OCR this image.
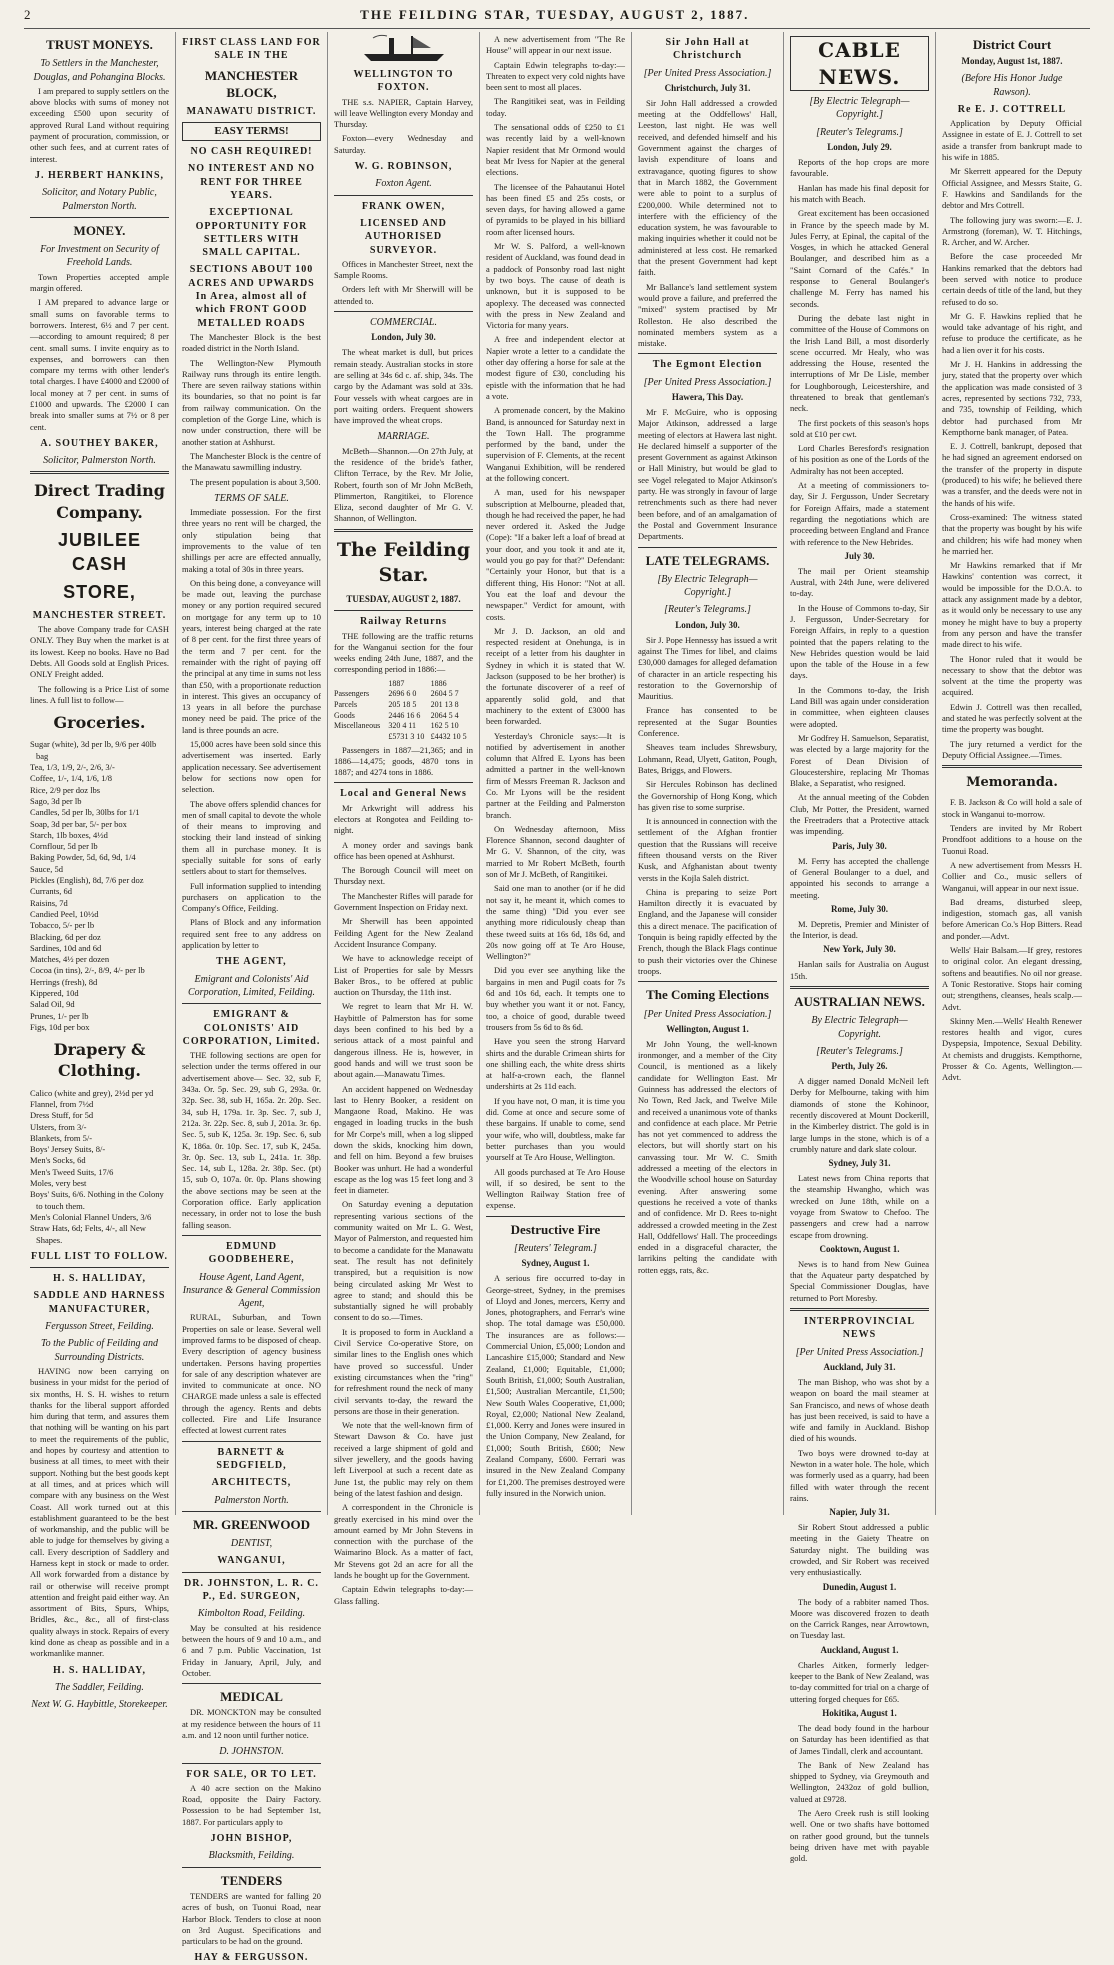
2	THE FEILDING STAR, TUESDAY, AUGUST 2, 1887.
TRUST MONEYS.
To Settlers in the Manchester, Douglas, and Pohangina Blocks.

I am prepared to supply settlers on the above blocks with sums of money not exceeding £500 upon security of approved Rural Land without requiring payment of procuration, commission, or other such fees, and at current rates of interest.

J. HERBERT HANKINS,
Solicitor, and Notary Public, Palmerston North.
MONEY.
For Investment on Security of Freehold Lands.

Town Properties accepted ample margin offered.

I AM prepared to advance large or small sums on favorable terms to borrowers. Interest, 6½ and 7 per cent.—according to amount required; 8 per cent. small sums. I invite enquiry as to expenses, and borrowers can then compare my terms with other lender's total charges. I have £4000 and £2000 of local money at 7 per cent. in sums of £1000 and upwards. The £2000 I can break into smaller sums at 7½ or 8 per cent.

A. SOUTHEY BAKER,
Solicitor, Palmerston North.
Direct Trading Company.
JUBILEE CASH
STORE,
MANCHESTER STREET.

The above Company trade for CASH ONLY. They Buy when the market is at its lowest. Keep no books. Have no Bad Debts. All Goods sold at English Prices. ONLY Freight added.

The following is a Price List of some lines. A full list to follow—

Groceries.
Sugar (white), 3d per lb, 9/6 per 40lb bag
Tea, 1/3, 1/9, 2/-, 2/6, 3/-
Coffee, 1/-, 1/4, 1/6, 1/8
Rice, 2/9 per doz lbs
Sago, 3d per lb
Candles, 5d per lb, 30lbs for 1/1
Soap, 3d per bar, 5/- per box
Starch, 1lb boxes, 4½d
Cornflour, 5d per lb
Baking Powder, 5d, 6d, 9d, 1/4
Sauce, 5d
Pickles (English), 8d, 7/6 per doz
Currants, 6d
Raisins, 7d
Candied Peel, 10½d
Tobacco, 5/- per lb
Blacking, 6d per doz
Sardines, 10d and 6d
Matches, 4½ per dozen
Cocoa (in tins), 2/-, 8/9, 4/- per lb
Herrings (fresh), 8d
Kippered, 10d
Salad Oil, 9d
Prunes, 1/- per lb
Figs, 10d per box
Drapery & Clothing.
Calico (white and grey), 2½d per yd
Flannel, from 7½d
Dress Stuff, for 5d
Ulsters, from 3/-
Blankets, from 5/-
Boys' Jersey Suits, 8/-
Men's Socks, 6d
Men's Tweed Suits, 17/6
Moles, very best
Boys' Suits, 6/6. Nothing in the Colony to touch them.
Men's Colonial Flannel Unders, 3/6
Straw Hats, 6d; Felts, 4/-, all New Shapes.
FULL LIST TO FOLLOW.
H. S. HALLIDAY,
SADDLE AND HARNESS MANUFACTURER,
Fergusson Street, Feilding.
To the Public of Feilding and Surrounding Districts.

HAVING now been carrying on business in your midst for the period of six months, H. S. H. wishes to return thanks for the liberal support afforded him during that term, and assures them that nothing will be wanting on his part to meet the requirements of the public, and hopes by courtesy and attention to business at all times, to meet with their support. Nothing but the best goods kept at all times, and at prices which will compare with any business on the West Coast. All work turned out at this establishment guaranteed to be the best of workmanship, and the public will be able to judge for themselves by giving a call. Every description of Saddlery and Harness kept in stock or made to order. All work forwarded from a distance by rail or otherwise will receive prompt attention and freight paid either way. An assortment of Bits, Spurs, Whips, Bridles, &c., &c., all of first-class quality always in stock. Repairs of every kind done as cheap as possible and in a workmanlike manner.

H. S. HALLIDAY,
The Saddler, Feilding.
Next W. G. Haybittle, Storekeeper.
FIRST CLASS LAND FOR SALE IN THE
MANCHESTER BLOCK,
MANAWATU DISTRICT.
EASY TERMS!
NO CASH REQUIRED!
NO INTEREST AND NO RENT FOR THREE YEARS.
EXCEPTIONAL OPPORTUNITY FOR SETTLERS WITH SMALL CAPITAL.
SECTIONS ABOUT 100 ACRES AND UPWARDS In Area, almost all of which FRONT GOOD METALLED ROADS

The Manchester Block is the best roaded district in the North Island.

The Wellington-New Plymouth Railway runs through its entire length. There are seven railway stations within its boundaries, so that no point is far from railway communication. On the completion of the Gorge Line, which is now under construction, there will be another station at Ashhurst.

The Manchester Block is the centre of the Manawatu sawmilling industry.

The present population is about 3,500.

TERMS OF SALE.

Immediate possession. For the first three years no rent will be charged, the only stipulation being that improvements to the value of ten shillings per acre are effected annually, making a total of 30s in three years.

On this being done, a conveyance will be made out, leaving the purchase money or any portion required secured on mortgage for any term up to 10 years, interest being charged at the rate of 8 per cent. for the first three years of the term and 7 per cent. for the remainder with the right of paying off the principal at any time in sums not less than £50, with a proportionate reduction in interest. This gives an occupancy of 13 years in all before the purchase money need be paid. The price of the land is three pounds an acre.

15,000 acres have been sold since this advertisement was inserted. Early application necessary. See advertisement below for sections now open for selection.

The above offers splendid chances for men of small capital to devote the whole of their means to improving and stocking their land instead of sinking them all in purchase money. It is specially suitable for sons of early settlers about to start for themselves.

Full information supplied to intending purchasers on application to the Company's Office, Feilding.

Plans of Block and any information required sent free to any address on application by letter to

THE AGENT,
Emigrant and Colonists' Aid Corporation, Limited, Feilding.
EMIGRANT & COLONISTS' AID CORPORATION, Limited.

THE following sections are open for selection under the terms offered in our advertisement above— Sec. 32, sub F, 343a. Or. 5p. Sec. 29, sub G, 293a. 0r. 32p. Sec. 38, sub H, 165a. 2r. 20p. Sec. 34, sub H, 179a. 1r. 3p. Sec. 7, sub J, 212a. 3r. 22p. Sec. 8, sub J, 201a. 3r. 6p. Sec. 5, sub K, 125a. 3r. 19p. Sec. 6, sub K, 186a. 0r. 10p. Sec. 17, sub K, 245a. 3r. 0p. Sec. 13, sub L, 241a. 1r. 38p. Sec. 14, sub L, 128a. 2r. 38p. Sec. (pt) 15, sub O, 107a. 0r. 0p. Plans showing the above sections may be seen at the Corporation office. Early application necessary, in order not to lose the bush falling season.

EDMUND GOODBEHERE,
House Agent, Land Agent, Insurance & General Commission Agent,

RURAL, Suburban, and Town Properties on sale or lease. Several well improved farms to be disposed of cheap. Every description of agency business undertaken. Persons having properties for sale of any description whatever are invited to communicate at once. NO CHARGE made unless a sale is effected through the agency. Rents and debts collected. Fire and Life Insurance effected at lowest current rates

BARNETT & SEDGFIELD,
ARCHITECTS,
Palmerston North.
MR. GREENWOOD
DENTIST,
WANGANUI,
DR. JOHNSTON, L. R. C. P., Ed. SURGEON,
Kimbolton Road, Feilding.

May be consulted at his residence between the hours of 9 and 10 a.m., and 6 and 7 p.m. Public Vaccination, 1st Friday in January, April, July, and October.

MEDICAL

DR. MONCKTON may be consulted at my residence between the hours of 11 a.m. and 12 noon until further notice.

D. JOHNSTON.
FOR SALE, OR TO LET.

A 40 acre section on the Makino Road, opposite the Dairy Factory. Possession to be had September 1st, 1887. For particulars apply to

JOHN BISHOP,
Blacksmith, Feilding.
TENDERS

TENDERS are wanted for falling 20 acres of bush, on Tuonui Road, near Harbor Block. Tenders to close at noon on 3rd August. Specifications and particulars to be had on the ground.

HAY & FERGUSSON.
WELLINGTON TO FOXTON.

THE s.s. NAPIER, Captain Harvey, will leave Wellington every Monday and Thursday.

Foxton—every Wednesday and Saturday.

W. G. ROBINSON,
Foxton Agent.
FRANK OWEN,
LICENSED AND AUTHORISED SURVEYOR.

Offices in Manchester Street, next the Sample Rooms.

Orders left with Mr Sherwill will be attended to.

COMMERCIAL.
London, July 30.

The wheat market is dull, but prices remain steady. Australian stocks in store are selling at 34s 6d c. af. ship, 34s. The cargo by the Adamant was sold at 33s. Four vessels with wheat cargoes are in port waiting orders. Frequent showers have improved the wheat crops.

MARRIAGE.

McBeth—Shannon.—On 27th July, at the residence of the bride's father, Clifton Terrace, by the Rev. Mr Jolie, Robert, fourth son of Mr John McBeth, Plimmerton, Rangitikei, to Florence Eliza, second daughter of Mr G. V. Shannon, of Wellington.

The Feilding Star.
TUESDAY, AUGUST 2, 1887.
Railway Returns

THE following are the traffic returns for the Wanganui section for the four weeks ending 24th June, 1887, and the corresponding period in 1886:—

	1887	1886
Passengers	2696 6 0	2604 5 7
Parcels	205 18 5	201 13 8
Goods	2446 16 6	2064 5 4
Miscellaneous	320 4 11	162 5 10
	£5731 3 10	£4432 10 5

Passengers in 1887—21,365; and in 1886—14,475; goods, 4870 tons in 1887; and 4274 tons in 1886.

Local and General News

Mr Arkwright will address his electors at Rongotea and Feilding to-night.

A money order and savings bank office has been opened at Ashhurst.

The Borough Council will meet on Thursday next.

The Manchester Rifles will parade for Government Inspection on Friday next.

Mr Sherwill has been appointed Feilding Agent for the New Zealand Accident Insurance Company.

We have to acknowledge receipt of List of Properties for sale by Messrs Baker Bros., to be offered at public auction on Thursday, the 11th inst.

We regret to learn that Mr H. W. Haybittle of Palmerston has for some days been confined to his bed by a serious attack of a most painful and dangerous illness. He is, however, in good hands and will we trust soon be about again.—Manawatu Times.

An accident happened on Wednesday last to Henry Booker, a resident on Mangaone Road, Makino. He was engaged in loading trucks in the bush for Mr Corpe's mill, when a log slipped down the skids, knocking him down, and fell on him. Beyond a few bruises Booker was unhurt. He had a wonderful escape as the log was 15 feet long and 3 feet in diameter.

On Saturday evening a deputation representing various sections of the community waited on Mr L. G. West, Mayor of Palmerston, and requested him to become a candidate for the Manawatu seat. The result has not definitely transpired, but a requisition is now being circulated asking Mr West to agree to stand; and should this be substantially signed he will probably consent to do so.—Times.

It is proposed to form in Auckland a Civil Service Co-operative Store, on similar lines to the English ones which have proved so successful. Under existing circumstances when the "ring" for refreshment round the neck of many civil servants to-day, the reward the persons are those in their generation.

We note that the well-known firm of Stewart Dawson & Co. have just received a large shipment of gold and silver jewellery, and the goods having left Liverpool at such a recent date as June 1st, the public may rely on them being of the latest fashion and design.

A correspondent in the Chronicle is greatly exercised in his mind over the amount earned by Mr John Stevens in connection with the purchase of the Waimarino Block. As a matter of fact, Mr Stevens got 2d an acre for all the lands he bought up for the Government.

Captain Edwin telegraphs to-day:—Glass falling.

A new advertisement from "The Re House" will appear in our next issue.

Captain Edwin telegraphs to-day:—Threaten to expect very cold nights have been sent to most all places.

The Rangitikei seat, was in Feilding today.

The sensational odds of £250 to £1 was recently laid by a well-known Napier resident that Mr Ormond would beat Mr Ivess for Napier at the general elections.

The licensee of the Pahautanui Hotel has been fined £5 and 25s costs, or seven days, for having allowed a game of pyramids to be played in his billiard room after licensed hours.

Mr W. S. Palford, a well-known resident of Auckland, was found dead in a paddock of Ponsonby road last night by two boys. The cause of death is unknown, but it is supposed to be apoplexy. The deceased was connected with the press in New Zealand and Victoria for many years.

A free and independent elector at Napier wrote a letter to a candidate the other day offering a horse for sale at the modest figure of £30, concluding his epistle with the information that he had a vote.

A promenade concert, by the Makino Band, is announced for Saturday next in the Town Hall. The programme performed by the band, under the supervision of F. Clements, at the recent Wanganui Exhibition, will be rendered at the following concert.

A man, used for his newspaper subscription at Melbourne, pleaded that, though he had received the paper, he had never ordered it. Asked the Judge (Cope): "If a baker left a loaf of bread at your door, and you took it and ate it, would you go pay for that?" Defendant: "Certainly your Honor, but that is a different thing, His Honor: "Not at all. You eat the loaf and devour the newspaper." Verdict for amount, with costs.

Mr J. D. Jackson, an old and respected resident at Onehunga, is in receipt of a letter from his daughter in Sydney in which it is stated that W. Jackson (supposed to be her brother) is the fortunate discoverer of a reef of apparently solid gold, and that machinery to the extent of £3000 has been forwarded.

Yesterday's Chronicle says:—It is notified by advertisement in another column that Alfred E. Lyons has been admitted a partner in the well-known firm of Messrs Freeman R. Jackson and Co. Mr Lyons will be the resident partner at the Feilding and Palmerston branch.

On Wednesday afternoon, Miss Florence Shannon, second daughter of Mr G. V. Shannon, of the city, was married to Mr Robert McBeth, fourth son of Mr J. McBeth, of Rangitikei.

Said one man to another (or if he did not say it, he meant it, which comes to the same thing) "Did you ever see anything more ridiculously cheap than these tweed suits at 16s 6d, 18s 6d, and 20s now going off at Te Aro House, Wellington?"

Did you ever see anything like the bargains in men and Pugil coats for 7s 6d and 10s 6d, each. It tempts one to buy whether you want it or not. Fancy, too, a choice of good, durable tweed trousers from 5s 6d to 8s 6d.

Have you seen the strong Harvard shirts and the durable Crimean shirts for one shilling each, the white dress shirts at half-a-crown each, the flannel undershirts at 2s 11d each.

If you have not, O man, it is time you did. Come at once and secure some of these bargains. If unable to come, send your wife, who will, doubtless, make far better purchases than you would yourself at Te Aro House, Wellington.

All goods purchased at Te Aro House will, if so desired, be sent to the Wellington Railway Station free of expense.

Destructive Fire
[Reuters' Telegram.]
Sydney, August 1.

A serious fire occurred to-day in George-street, Sydney, in the premises of Lloyd and Jones, mercers, Kerry and Jones, photographers, and Ferrar's wine shop. The total damage was £50,000. The insurances are as follows:—Commercial Union, £5,000; London and Lancashire £15,000; Standard and New Zealand, £1,000; Equitable, £1,000; South British, £1,000; South Australian, £1,500; Australian Mercantile, £1,500; New South Wales Cooperative, £1,000; Royal, £2,000; National New Zealand, £1,000. Kerry and Jones were insured in the Union Company, New Zealand, for £1,000; South British, £600; New Zealand Company, £600. Ferrari was insured in the New Zealand Company for £1,200. The premises destroyed were fully insured in the Norwich union.

Sir John Hall at Christchurch
[Per United Press Association.]
Christchurch, July 31.

Sir John Hall addressed a crowded meeting at the Oddfellows' Hall, Leeston, last night. He was well received, and defended himself and his Government against the charges of lavish expenditure of loans and extravagance, quoting figures to show that in March 1882, the Government were able to point to a surplus of £200,000. While determined not to interfere with the efficiency of the education system, he was favourable to making inquiries whether it could not be administered at less cost. He remarked that the present Government had kept faith.

Mr Ballance's land settlement system would prove a failure, and preferred the "mixed" system practised by Mr Rolleston. He also described the nominated members system as a mistake.

The Egmont Election
[Per United Press Association.]
Hawera, This Day.

Mr F. McGuire, who is opposing Major Atkinson, addressed a large meeting of electors at Hawera last night. He declared himself a supporter of the present Government as against Atkinson or Hall Ministry, but would be glad to see Vogel relegated to Major Atkinson's party. He was strongly in favour of large retrenchments such as there had never been before, and of an amalgamation of the Postal and Government Insurance Departments.

LATE TELEGRAMS.
[By Electric Telegraph—Copyright.]
[Reuter's Telegrams.]
London, July 30.

Sir J. Pope Hennessy has issued a writ against The Times for libel, and claims £30,000 damages for alleged defamation of character in an article respecting his restoration to the Governorship of Mauritius.

France has consented to be represented at the Sugar Bounties Conference.

Sheaves team includes Shrewsbury, Lohmann, Read, Ulyett, Gatiton, Pough, Bates, Briggs, and Flowers.

Sir Hercules Robinson has declined the Governorship of Hong Kong, which has given rise to some surprise.

It is announced in connection with the settlement of the Afghan frontier question that the Russians will receive fifteen thousand versts on the River Kusk, and Afghanistan about twenty versts in the Kojla Saleh district.

China is preparing to seize Port Hamilton directly it is evacuated by England, and the Japanese will consider this a direct menace. The pacification of Tonquin is being rapidly effected by the French, though the Black Flags continue to push their victories over the Chinese troops.

The Coming Elections
[Per United Press Association.]
Wellington, August 1.

Mr John Young, the well-known ironmonger, and a member of the City Council, is mentioned as a likely candidate for Wellington East. Mr Guinness has addressed the electors of No Town, Red Jack, and Twelve Mile and received a unanimous vote of thanks and confidence at each place. Mr Petrie has not yet commenced to address the electors, but will shortly start on his canvassing tour. Mr W. C. Smith addressed a meeting of the electors in the Woodville school house on Saturday evening. After answering some questions he received a vote of thanks and of confidence. Mr D. Rees to-night addressed a crowded meeting in the Zest Hall, Oddfellows' Hall. The proceedings ended in a disgraceful character, the larrikins pelting the candidate with rotten eggs, rats, &c.

CABLE NEWS.
[By Electric Telegraph—Copyright.]
[Reuter's Telegrams.]
London, July 29.

Reports of the hop crops are more favourable.

Hanlan has made his final deposit for his match with Beach.

Great excitement has been occasioned in France by the speech made by M. Jules Ferry, at Epinal, the capital of the Vosges, in which he attacked General Boulanger, and described him as a "Saint Cornard of the Cafés." In response to General Boulanger's challenge M. Ferry has named his seconds.

During the debate last night in committee of the House of Commons on the Irish Land Bill, a most disorderly scene occurred. Mr Healy, who was addressing the House, resented the interruptions of Mr De Lisle, member for Loughborough, Leicestershire, and threatened to break that gentleman's neck.

The first pockets of this season's hops sold at £10 per cwt.

Lord Charles Beresford's resignation of his position as one of the Lords of the Admiralty has not been accepted.

At a meeting of commissioners to-day, Sir J. Fergusson, Under Secretary for Foreign Affairs, made a statement regarding the negotiations which are proceeding between England and France with reference to the New Hebrides.

July 30.

The mail per Orient steamship Austral, with 24th June, were delivered to-day.

In the House of Commons to-day, Sir J. Fergusson, Under-Secretary for Foreign Affairs, in reply to a question pointed that the papers relating to the New Hebrides question would be laid upon the table of the House in a few days.

In the Commons to-day, the Irish Land Bill was again under consideration in committee, when eighteen clauses were adopted.

Mr Godfrey H. Samuelson, Separatist, was elected by a large majority for the Forest of Dean Division of Gloucestershire, replacing Mr Thomas Blake, a Separatist, who resigned.

At the annual meeting of the Cobden Club, Mr Potter, the President, warned the Freetraders that a Protective attack was impending.

Paris, July 30.

M. Ferry has accepted the challenge of General Boulanger to a duel, and appointed his seconds to arrange a meeting.

Rome, July 30.

M. Depretis, Premier and Minister of the Interior, is dead.

New York, July 30.

Hanlan sails for Australia on August 15th.

AUSTRALIAN NEWS.
By Electric Telegraph—Copyright.
[Reuter's Telegrams.]
Perth, July 26.

A digger named Donald McNeil left Derby for Melbourne, taking with him diamonds of stone the Kohinoor, recently discovered at Mount Dockerill, in the Kimberley district. The gold is in large lumps in the stone, which is of a crumbly nature and dark slate colour.

Sydney, July 31.

Latest news from China reports that the steamship Hwangho, which was wrecked on June 18th, while on a voyage from Swatow to Chefoo. The passengers and crew had a narrow escape from drowning.

Cooktown, August 1.

News is to hand from New Guinea that the Aquateur party despatched by Special Commissioner Douglas, have returned to Port Moresby.

INTERPROVINCIAL NEWS
[Per United Press Association.]
Auckland, July 31.

The man Bishop, who was shot by a weapon on board the mail steamer at San Francisco, and news of whose death has just been received, is said to have a wife and family in Auckland. Bishop died of his wounds.

Two boys were drowned to-day at Newton in a water hole. The hole, which was formerly used as a quarry, had been filled with water through the recent rains.

Napier, July 31.

Sir Robert Stout addressed a public meeting in the Gaiety Theatre on Saturday night. The building was crowded, and Sir Robert was received very enthusiastically.

Dunedin, August 1.

The body of a rabbiter named Thos. Moore was discovered frozen to death on the Carrick Ranges, near Arrowtown, on Tuesday last.

Auckland, August 1.

Charles Aitken, formerly ledger-keeper to the Bank of New Zealand, was to-day committed for trial on a charge of uttering forged cheques for £65.

Hokitika, August 1.

The dead body found in the harbour on Saturday has been identified as that of James Tindall, clerk and accountant.

The Bank of New Zealand has shipped to Sydney, via Greymouth and Wellington, 2432oz of gold bullion, valued at £9728.

The Aero Creek rush is still looking well. One or two shafts have bottomed on rather good ground, but the tunnels being driven have met with payable gold.

District Court
Monday, August 1st, 1887.
(Before His Honor Judge Rawson).
Re E. J. COTTRELL

Application by Deputy Official Assignee in estate of E. J. Cottrell to set aside a transfer from bankrupt made to his wife in 1885.

Mr Skerrett appeared for the Deputy Official Assignee, and Messrs Staite, G. F. Hawkins and Sandilands for the debtor and Mrs Cottrell.

The following jury was sworn:—E. J. Armstrong (foreman), W. T. Hitchings, R. Archer, and W. Archer.

Before the case proceeded Mr Hankins remarked that the debtors had been served with notice to produce certain deeds of title of the land, but they refused to do so.

Mr G. F. Hawkins replied that he would take advantage of his right, and refuse to produce the certificate, as he had a lien over it for his costs.

Mr J. H. Hankins in addressing the jury, stated that the property over which the application was made consisted of 3 acres, represented by sections 732, 733, and 735, township of Feilding, which debtor had purchased from Mr Kempthorne bank manager, of Patea.

E. J. Cottrell, bankrupt, deposed that he had signed an agreement endorsed on the transfer of the property in dispute (produced) to his wife; he believed there was a transfer, and the deeds were not in the hands of his wife.

Cross-examined: The witness stated that the property was bought by his wife and children; his wife had money when he married her.

Mr Hawkins remarked that if Mr Hawkins' contention was correct, it would be impossible for the D.O.A. to attack any assignment made by a debtor, as it would only be necessary to use any money he might have to buy a property from any person and have the transfer made direct to his wife.

The Honor ruled that it would be necessary to show that the debtor was solvent at the time the property was acquired.

Edwin J. Cottrell was then recalled, and stated he was perfectly solvent at the time the property was bought.

The jury returned a verdict for the Deputy Official Assignee.—Times.

Memoranda.

F. B. Jackson & Co will hold a sale of stock in Wanganui to-morrow.

Tenders are invited by Mr Robert Prondfoot additions to a house on the Tuonui Road.

A new advertisement from Messrs H. Collier and Co., music sellers of Wanganui, will appear in our next issue.

Bad dreams, disturbed sleep, indigestion, stomach gas, all vanish before American Co.'s Hop Bitters. Read and ponder.—Advt.

Wells' Hair Balsam.—If grey, restores to original color. An elegant dressing, softens and beautifies. No oil nor grease. A Tonic Restorative. Stops hair coming out; strengthens, cleanses, heals scalp.—Advt.

Skinny Men.—Wells' Health Renewer restores health and vigor, cures Dyspepsia, Impotence, Sexual Debility. At chemists and druggists. Kempthorne, Prosser & Co. Agents, Wellington.—Advt.
